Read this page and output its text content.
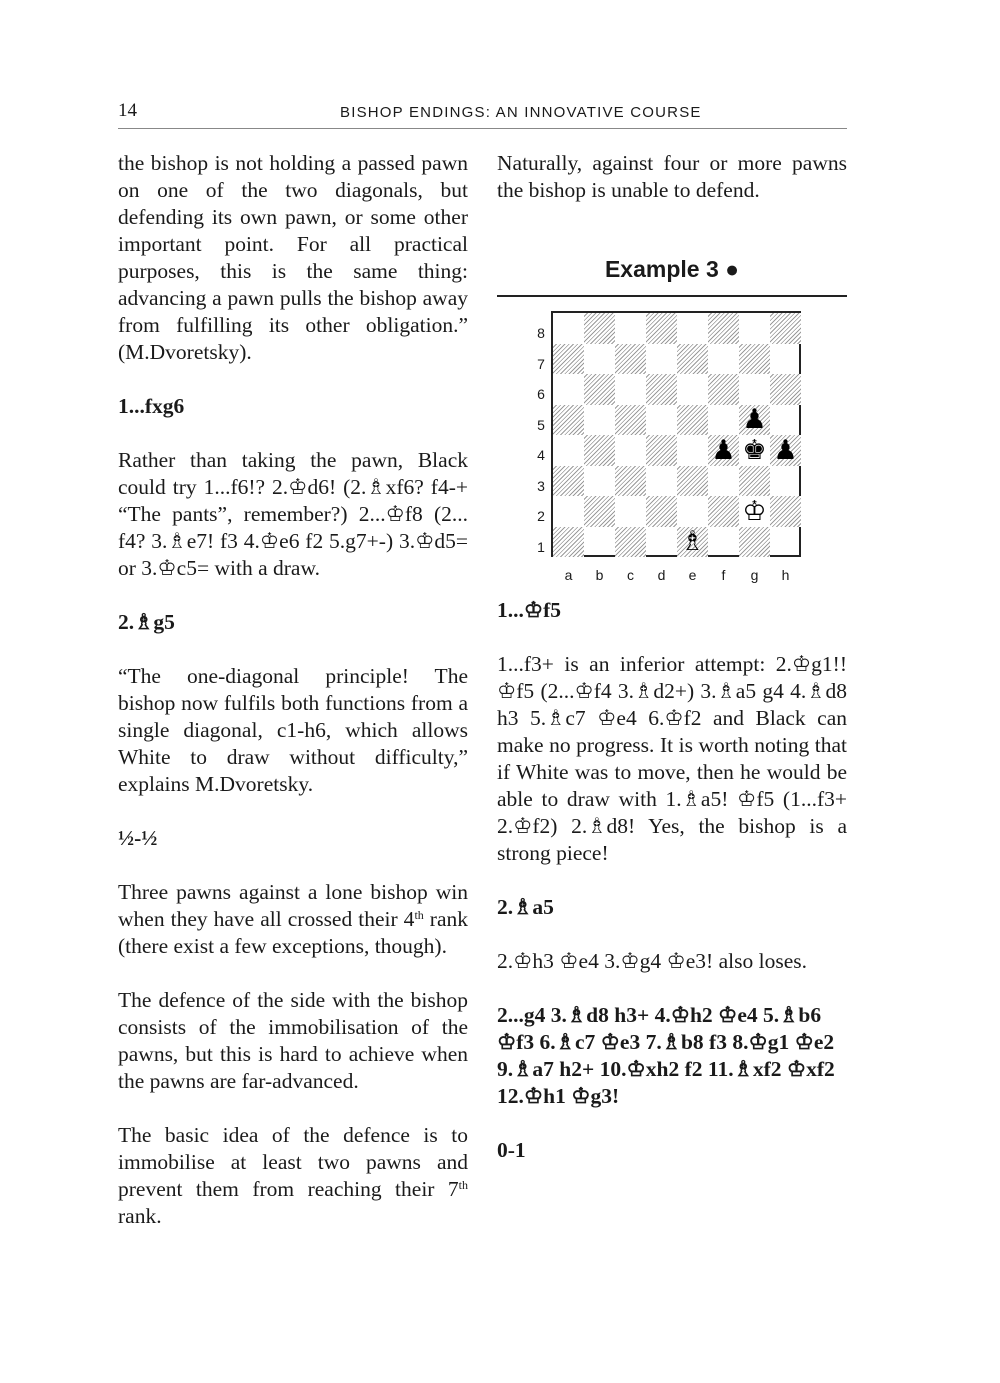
14	BISHOP ENDINGS: AN INNOVATIVE COURSE

the bishop is not holding a passed pawn on one of the two diagonals, but defending its own pawn, or some other important point. For all practical purposes, this is the same thing: advancing a pawn pulls the bishop away from fulfilling its other obligation.” (M.Dvoretsky).

1...fxg6

Rather than taking the pawn, Black could try 1...f6!? 2.♔d6! (2.♗xf6? f4-+ “The pants”, remember?) 2...♔f8 (2... f4? 3.♗e7! f3 4.♔e6 f2 5.g7+-) 3.♔d5= or 3.♔c5= with a draw.

2.♗g5

“The one-diagonal principle! The bishop now fulfils both functions from a single diagonal, c1-h6, which allows White to draw without difficulty,” explains M.Dvoretsky.

½-½

Three pawns against a lone bishop win when they have all crossed their 4th rank (there exist a few exceptions, though).

The defence of the side with the bishop consists of the immobilisation of the pawns, but this is hard to achieve when the pawns are far-advanced.

The basic idea of the defence is to immobilise at least two pawns and prevent them from reaching their 7th rank.

Naturally, against four or more pawns the bishop is unable to defend.

Example 3 ●
♟
♟ ♚ ♟
♔
♗
8
7
6
5
4
3
2
1
a	b	c	d	e	f	g	h

1...♔f5

1...f3+ is an inferior attempt: 2.♔g1!! ♔f5 (2...♔f4 3.♗d2+) 3.♗a5 g4 4.♗d8 h3 5.♗c7 ♔e4 6.♔f2 and Black can make no progress. It is worth noting that if White was to move, then he would be able to draw with 1.♗a5! ♔f5 (1...f3+ 2.♔f2) 2.♗d8! Yes, the bishop is a strong piece!

2.♗a5

2.♔h3 ♔e4 3.♔g4 ♔e3! also loses.

2...g4 3.♗d8 h3+ 4.♔h2 ♔e4 5.♗b6 ♔f3 6.♗c7 ♔e3 7.♗b8 f3 8.♔g1 ♔e2 9.♗a7 h2+ 10.♔xh2 f2 11.♗xf2 ♔xf2 12.♔h1 ♔g3!

0-1
